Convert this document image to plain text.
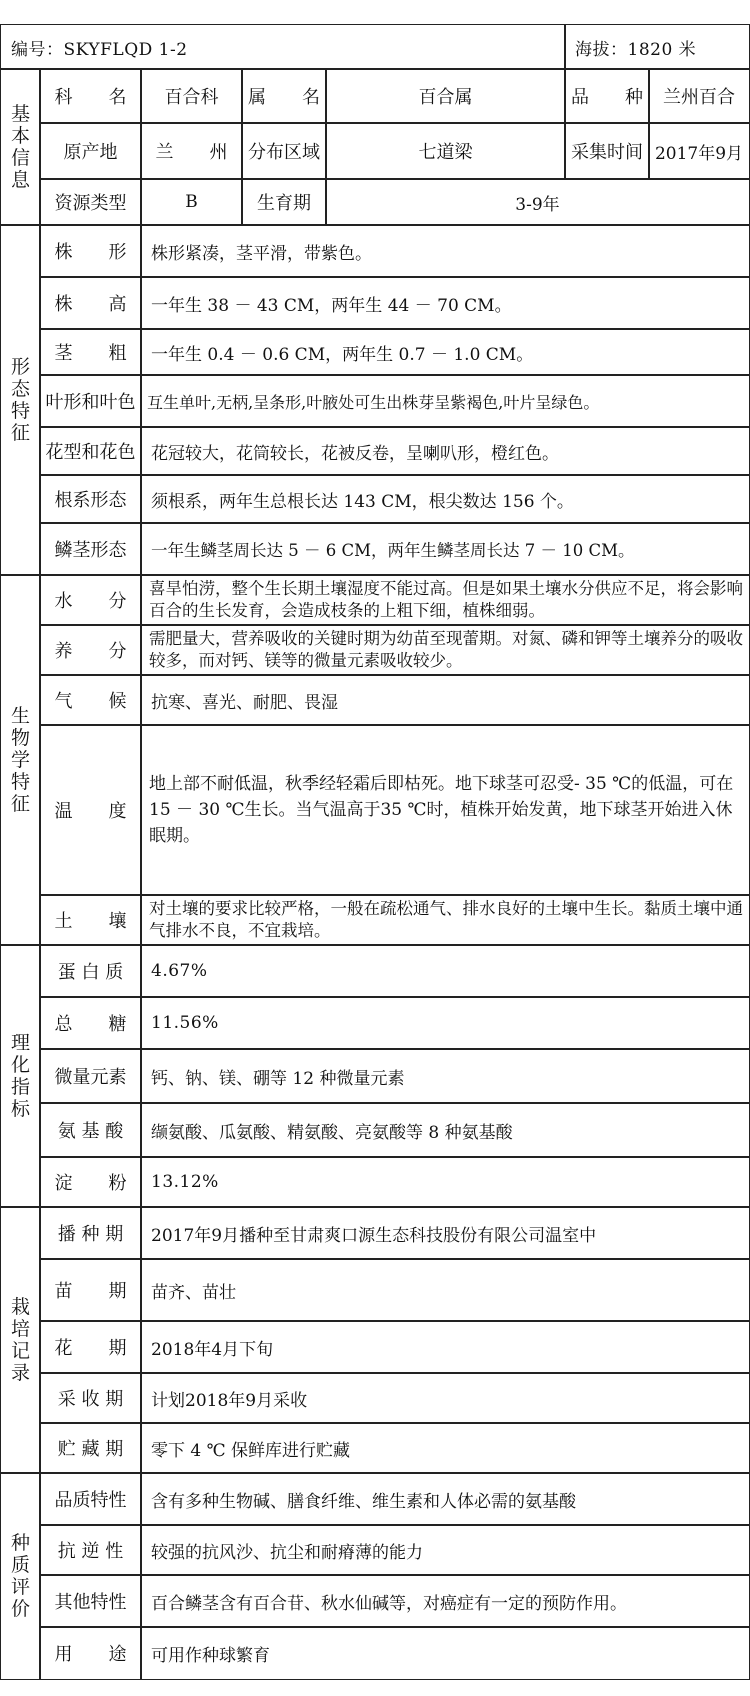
编号：SKYFLQD 1-2	海拔：1820 米
基本信息
科　　名 百合科 属　　名	百合属	品　　种 兰州百合
原产地 兰　　州 分布区域	七道梁	采集时间 2017年9月
资源类型	B	生育期	3-9年
形态特征
株　　形 株形紧凑，茎平滑，带紫色。
株　　高 一年生 38 － 43 CM，两年生 44 － 70 CM。
茎　　粗 一年生 0.4 － 0.6 CM，两年生 0.7 － 1.0 CM。
叶形和叶色 互生单叶,无柄,呈条形,叶腋处可生出株芽呈紫褐色,叶片呈绿色。
花型和花色 花冠较大，花筒较长，花被反卷，呈喇叭形，橙红色。
根系形态 须根系，两年生总根长达 143 CM，根尖数达 156 个。
鳞茎形态 一年生鳞茎周长达 5 － 6 CM，两年生鳞茎周长达 7 － 10 CM。
生物学特征
水　　分
喜旱怕涝，整个生长期土壤湿度不能过高。但是如果土壤水分供应不足，将会影响百合的生长发育，会造成枝条的上粗下细，植株细弱。
养　　分
需肥量大，营养吸收的关键时期为幼苗至现蕾期。对氮、磷和钾等土壤养分的吸收较多，而对钙、镁等的微量元素吸收较少。
气　　候 抗寒、喜光、耐肥、畏湿
温　　度
地上部不耐低温，秋季经轻霜后即枯死。地下球茎可忍受- 35 ℃的低温，可在15 － 30 ℃生长。当气温高于35 ℃时，植株开始发黄，地下球茎开始进入休眠期。
土　　壤
对土壤的要求比较严格，一般在疏松通气、排水良好的土壤中生长。黏质土壤中通气排水不良，不宜栽培。
理化指标
蛋 白 质 4.67%
总　　糖 11.56%
微量元素 钙、钠、镁、硼等 12 种微量元素
氨 基 酸 缬氨酸、瓜氨酸、精氨酸、亮氨酸等 8 种氨基酸
淀　　粉 13.12%
栽培记录
播 种 期 2017年9月播种至甘肃爽口源生态科技股份有限公司温室中
苗　　期 苗齐、苗壮
花　　期 2018年4月下旬
采 收 期 计划2018年9月采收
贮 藏 期 零下 4 ℃ 保鲜库进行贮藏
种质评价
品质特性 含有多种生物碱、膳食纤维、维生素和人体必需的氨基酸
抗 逆 性 较强的抗风沙、抗尘和耐瘠薄的能力
其他特性 百合鳞茎含有百合苷、秋水仙碱等，对癌症有一定的预防作用。
用　　途 可用作种球繁育
